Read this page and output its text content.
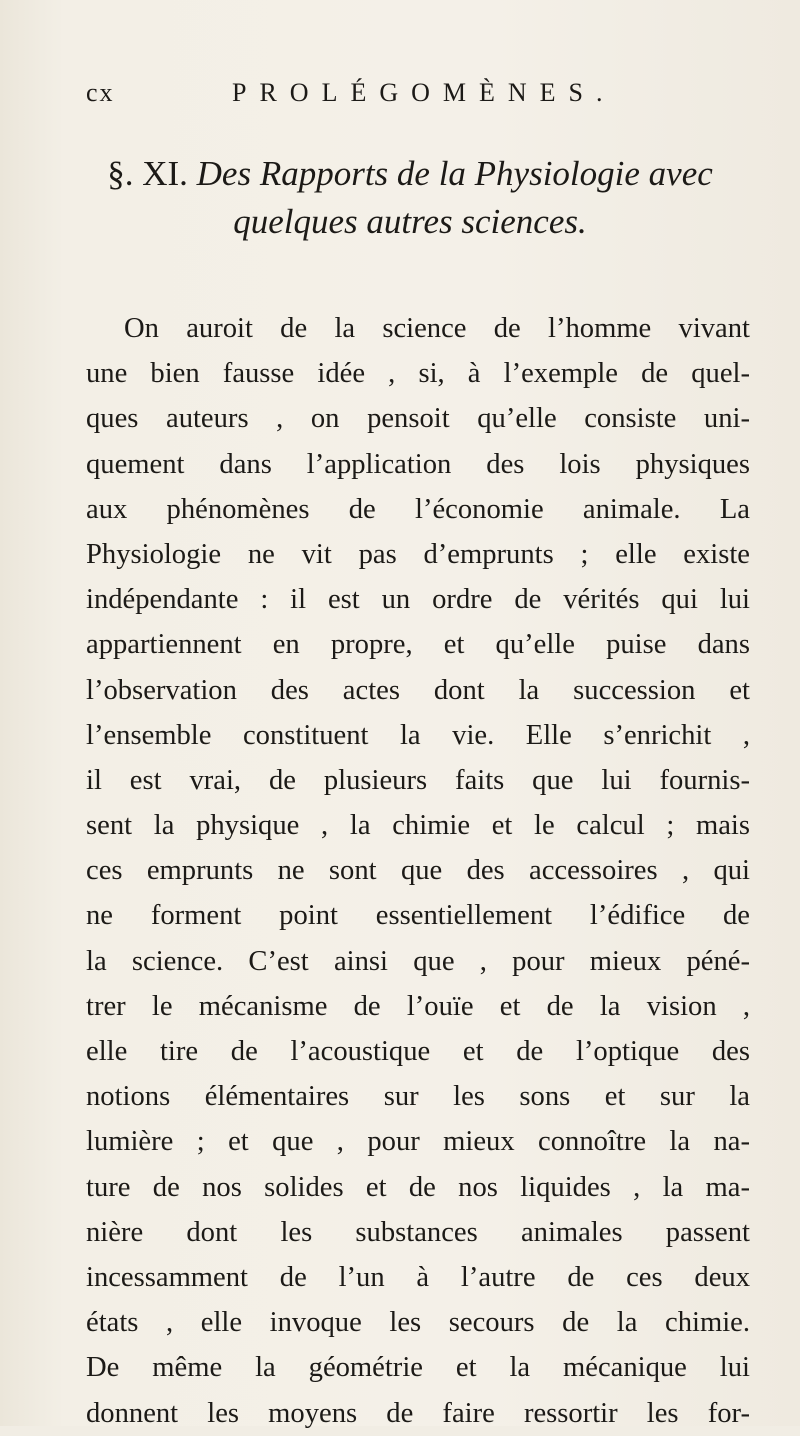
cx	PROLÉGOMÈNES.
§. XI. Des Rapports de la Physiologie avec
quelques autres sciences.
On auroit de la science de l’homme vivant
une bien fausse idée , si, à l’exemple de quel-
ques auteurs , on pensoit qu’elle consiste uni-
quement dans l’application des lois physiques
aux phénomènes de l’économie animale. La
Physiologie ne vit pas d’emprunts ; elle existe
indépendante : il est un ordre de vérités qui lui
appartiennent en propre, et qu’elle puise dans
l’observation des actes dont la succession et
l’ensemble constituent la vie. Elle s’enrichit ,
il est vrai, de plusieurs faits que lui fournis-
sent la physique , la chimie et le calcul ; mais
ces emprunts ne sont que des accessoires , qui
ne forment point essentiellement l’édifice de
la science. C’est ainsi que , pour mieux péné-
trer le mécanisme de l’ouïe et de la vision ,
elle tire de l’acoustique et de l’optique des
notions élémentaires sur les sons et sur la
lumière ; et que , pour mieux connoître la na-
ture de nos solides et de nos liquides , la ma-
nière dont les substances animales passent
incessamment de l’un à l’autre de ces deux
états , elle invoque les secours de la chimie.
De même la géométrie et la mécanique lui
donnent les moyens de faire ressortir les for-
